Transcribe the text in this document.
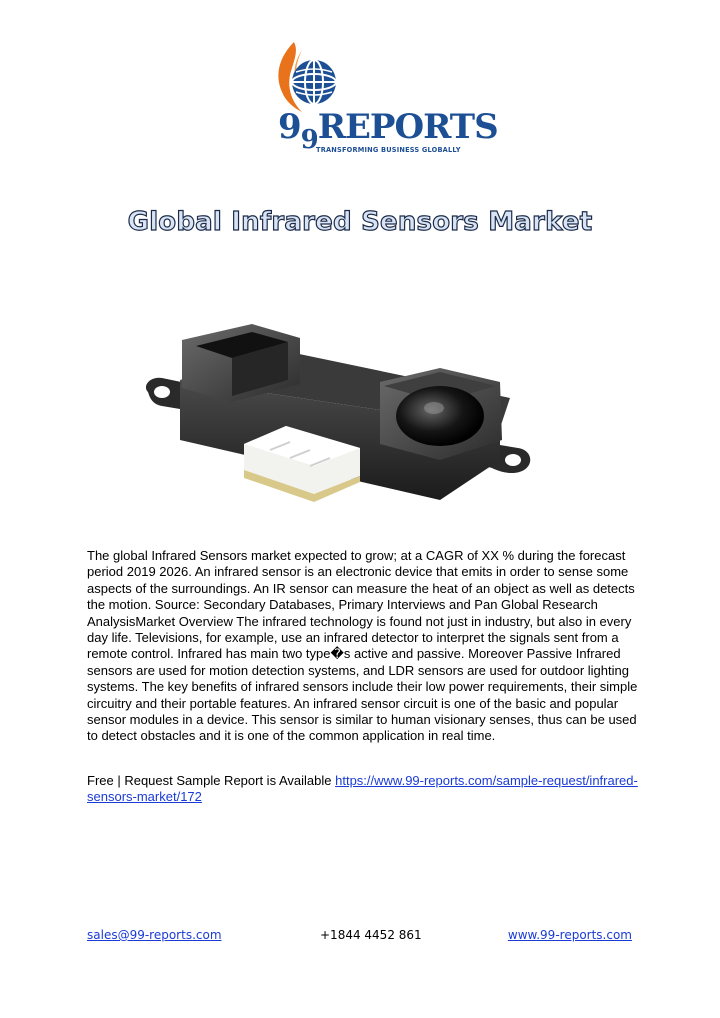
$9_9REPORTS$
TRANSFORMING BUSINESS GLOBALLY
Global Infrared Sensors Market

The global Infrared Sensors market expected to grow; at a CAGR of XX % during the forecast period 2019 2026. An infrared sensor is an electronic device that emits in order to sense some aspects of the surroundings. An IR sensor can measure the heat of an object as well as detects the motion. Source: Secondary Databases, Primary Interviews and Pan Global Research AnalysisMarket Overview The infrared technology is found not just in industry, but also in every day life. Televisions, for example, use an infrared detector to interpret the signals sent from a remote control. Infrared has main two type�s active and passive. Moreover Passive Infrared sensors are used for motion detection systems, and LDR sensors are used for outdoor lighting systems. The key benefits of infrared sensors include their low power requirements, their simple circuitry and their portable features. An infrared sensor circuit is one of the basic and popular sensor modules in a device. This sensor is similar to human visionary senses, thus can be used to detect obstacles and it is one of the common application in real time.

Free | Request Sample Report is Available https://www.99-reports.com/sample-request/infrared-sensors-market/172

sales@99-reports.com	+1844 4452 861	www.99-reports.com
